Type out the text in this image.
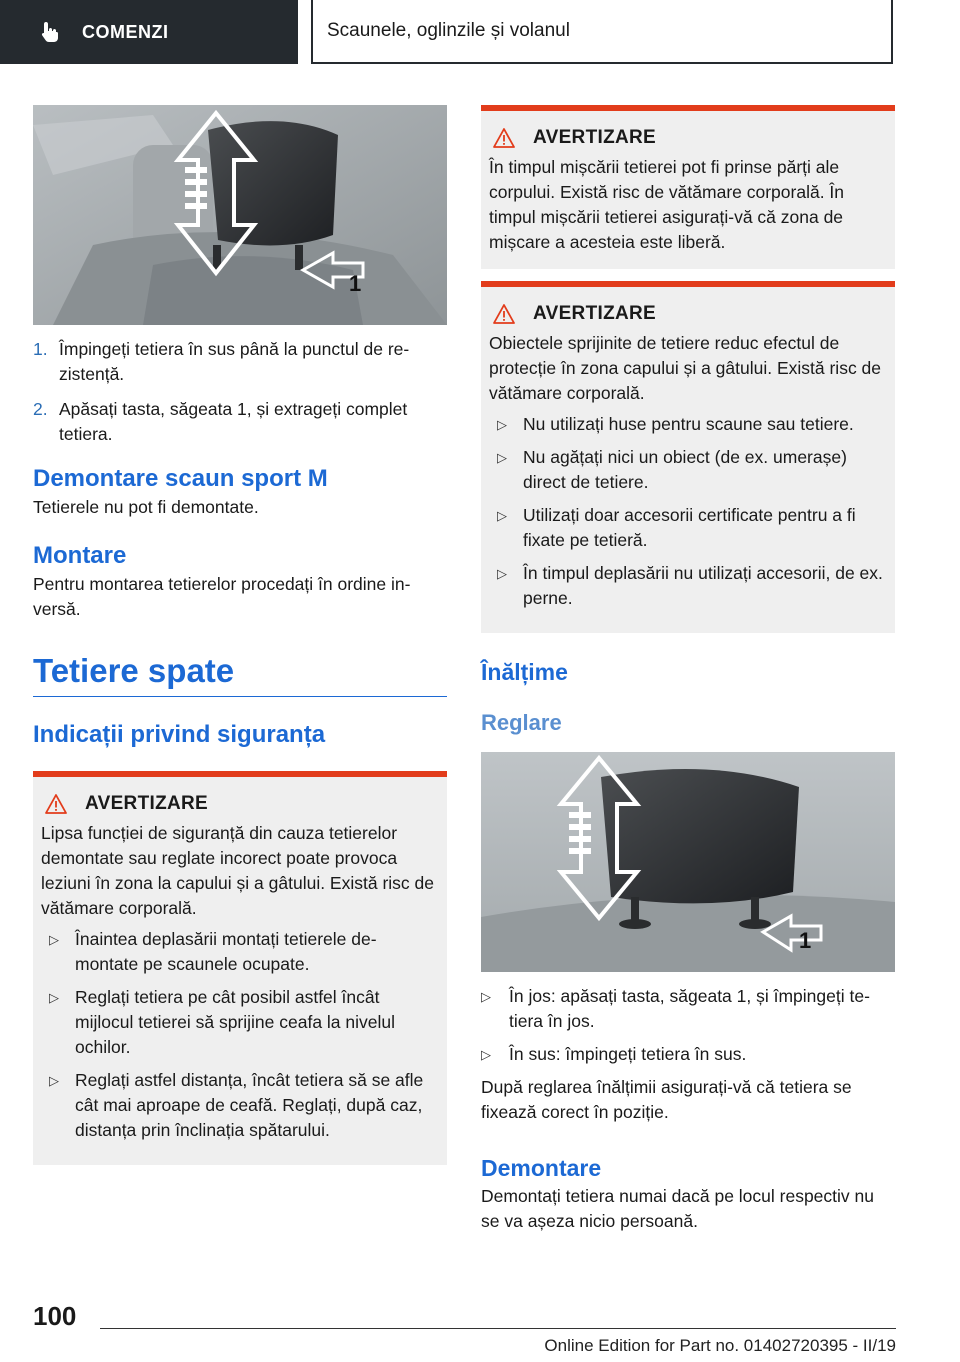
COMENZI	Scaunele, oglinzile și volanul
1
1. Împingeți tetiera în sus până la punctul de re-zistență.
2. Apăsați tasta, săgeata 1, și extrageți complet tetiera.
Demontare scaun sport M

Tetierele nu pot fi demontate.

Montare

Pentru montarea tetierelor procedați în ordine in-versă.

Tetiere spate
Indicații privind siguranța
AVERTIZARE

Lipsa funcției de siguranță din cauza tetierelor demontate sau reglate incorect poate provoca leziuni în zona la capului și a gâtului. Există risc de vătămare corporală.

▷ Înaintea deplasării montați tetierele de-montate pe scaunele ocupate.
▷ Reglați tetiera pe cât posibil astfel încât mijlocul tetierei să sprijine ceafa la nivelul ochilor.
▷ Reglați astfel distanța, încât tetiera să se afle cât mai aproape de ceafă. Reglați, după caz, distanța prin înclinația spătarului.
AVERTIZARE

În timpul mișcării tetierei pot fi prinse părți ale corpului. Există risc de vătămare corporală. În timpul mișcării tetierei asigurați-vă că zona de mișcare a acesteia este liberă.

AVERTIZARE

Obiectele sprijinite de tetiere reduc efectul de protecție în zona capului și a gâtului. Există risc de vătămare corporală.

▷ Nu utilizați huse pentru scaune sau tetiere.
▷ Nu agățați nici un obiect (de ex. umerașe) direct de tetiere.
▷ Utilizați doar accesorii certificate pentru a fi fixate pe tetieră.
▷ În timpul deplasării nu utilizați accesorii, de ex. perne.
Înălțime
Reglare
1
▷	În jos: apăsați tasta, săgeata 1, și împingeți te-tiera în jos.
▷	În sus: împingeți tetiera în sus.

După reglarea înălțimii asigurați-vă că tetiera se fixează corect în poziție.

Demontare

Demontați tetiera numai dacă pe locul respectiv nu se va așeza nicio persoană.

100
Online Edition for Part no. 01402720395 - II/19
